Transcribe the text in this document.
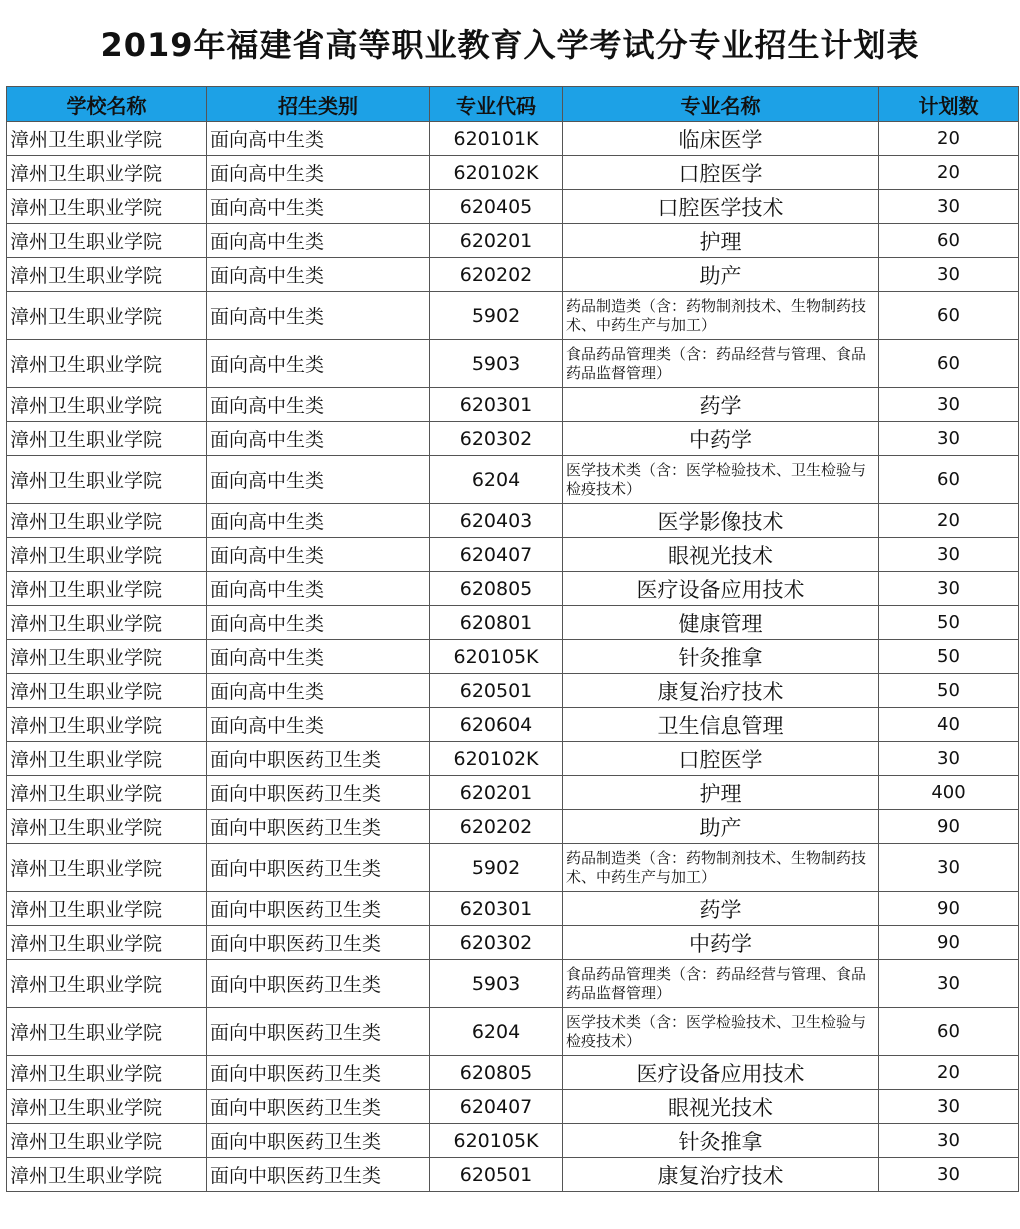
2019年福建省高等职业教育入学考试分专业招生计划表
学校名称	招生类别	专业代码	专业名称	计划数
漳州卫生职业学院	面向高中生类	620101K	临床医学	20
漳州卫生职业学院	面向高中生类	620102K	口腔医学	20
漳州卫生职业学院	面向高中生类	620405	口腔医学技术	30
漳州卫生职业学院	面向高中生类	620201	护理	60
漳州卫生职业学院	面向高中生类	620202	助产	30
漳州卫生职业学院	面向高中生类	5902	药品制造类（含：药物制剂技术、生物制药技术、中药生产与加工）	60
漳州卫生职业学院	面向高中生类	5903	食品药品管理类（含：药品经营与管理、食品药品监督管理）	60
漳州卫生职业学院	面向高中生类	620301	药学	30
漳州卫生职业学院	面向高中生类	620302	中药学	30
漳州卫生职业学院	面向高中生类	6204	医学技术类（含：医学检验技术、卫生检验与检疫技术）	60
漳州卫生职业学院	面向高中生类	620403	医学影像技术	20
漳州卫生职业学院	面向高中生类	620407	眼视光技术	30
漳州卫生职业学院	面向高中生类	620805	医疗设备应用技术	30
漳州卫生职业学院	面向高中生类	620801	健康管理	50
漳州卫生职业学院	面向高中生类	620105K	针灸推拿	50
漳州卫生职业学院	面向高中生类	620501	康复治疗技术	50
漳州卫生职业学院	面向高中生类	620604	卫生信息管理	40
漳州卫生职业学院	面向中职医药卫生类	620102K	口腔医学	30
漳州卫生职业学院	面向中职医药卫生类	620201	护理	400
漳州卫生职业学院	面向中职医药卫生类	620202	助产	90
漳州卫生职业学院	面向中职医药卫生类	5902	药品制造类（含：药物制剂技术、生物制药技术、中药生产与加工）	30
漳州卫生职业学院	面向中职医药卫生类	620301	药学	90
漳州卫生职业学院	面向中职医药卫生类	620302	中药学	90
漳州卫生职业学院	面向中职医药卫生类	5903	食品药品管理类（含：药品经营与管理、食品药品监督管理）	30
漳州卫生职业学院	面向中职医药卫生类	6204	医学技术类（含：医学检验技术、卫生检验与检疫技术）	60
漳州卫生职业学院	面向中职医药卫生类	620805	医疗设备应用技术	20
漳州卫生职业学院	面向中职医药卫生类	620407	眼视光技术	30
漳州卫生职业学院	面向中职医药卫生类	620105K	针灸推拿	30
漳州卫生职业学院	面向中职医药卫生类	620501	康复治疗技术	30
